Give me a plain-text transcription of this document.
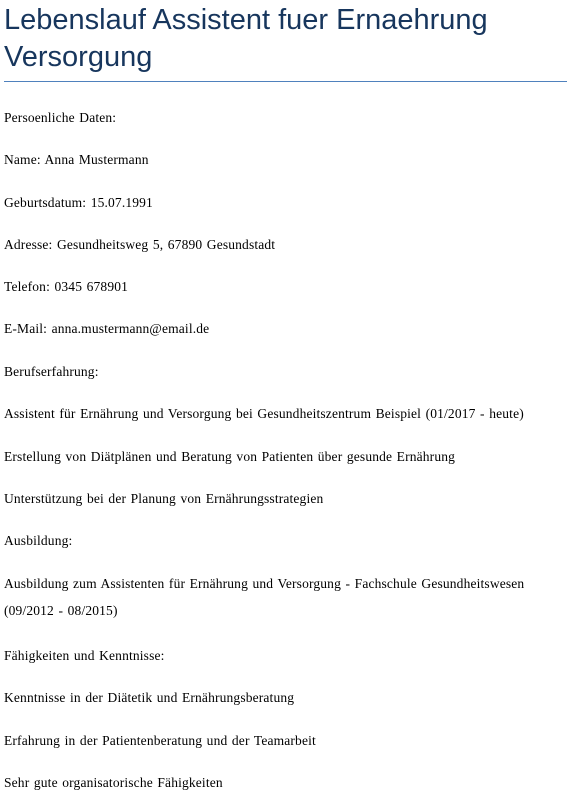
Lebenslauf Assistent fuer Ernaehrung
Versorgung
Persoenliche Daten:
Name: Anna Mustermann
Geburtsdatum: 15.07.1991
Adresse: Gesundheitsweg 5, 67890 Gesundstadt
Telefon: 0345 678901
E-Mail: anna.mustermann@email.de
Berufserfahrung:
Assistent für Ernährung und Versorgung bei Gesundheitszentrum Beispiel (01/2017 - heute)
Erstellung von Diätplänen und Beratung von Patienten über gesunde Ernährung
Unterstützung bei der Planung von Ernährungsstrategien
Ausbildung:
Ausbildung zum Assistenten für Ernährung und Versorgung - Fachschule Gesundheitswesen
(09/2012 - 08/2015)
Fähigkeiten und Kenntnisse:
Kenntnisse in der Diätetik und Ernährungsberatung
Erfahrung in der Patientenberatung und der Teamarbeit
Sehr gute organisatorische Fähigkeiten
